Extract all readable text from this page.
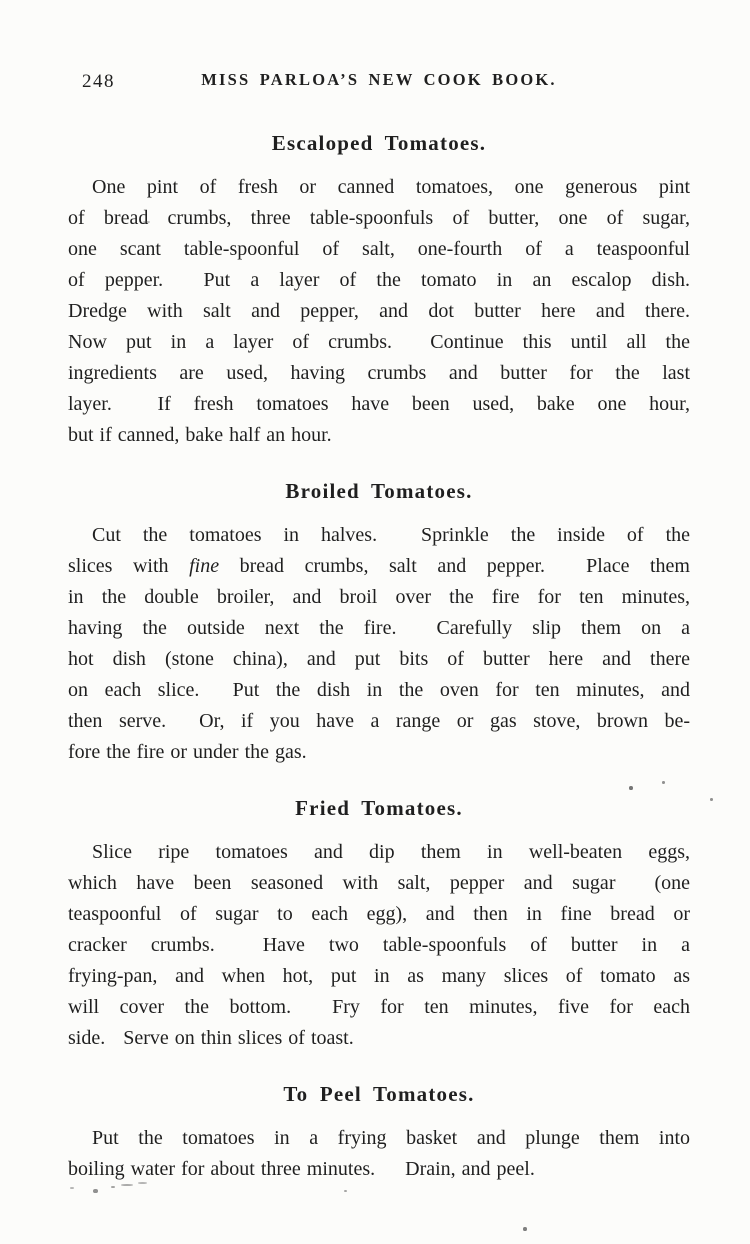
248	MISS PARLOA’S NEW COOK BOOK.
Escaloped Tomatoes.
One pint of fresh or canned tomatoes, one generous pint
of bread crumbs, three table-spoonfuls of butter, one of sugar,
one scant table-spoonful of salt, one-fourth of a teaspoonful
of pepper.  Put a layer of the tomato in an escalop dish.
Dredge with salt and pepper, and dot butter here and there.
Now put in a layer of crumbs.  Continue this until all the
ingredients are used, having crumbs and butter for the last
layer.  If fresh tomatoes have been used, bake one hour,
but if canned, bake half an hour.
Broiled Tomatoes.
Cut the tomatoes in halves.  Sprinkle the inside of the
slices with fine bread crumbs, salt and pepper.  Place them
in the double broiler, and broil over the fire for ten minutes,
having the outside next the fire.  Carefully slip them on a
hot dish (stone china), and put bits of butter here and there
on each slice.  Put the dish in the oven for ten minutes, and
then serve.  Or, if you have a range or gas stove, brown be-
fore the fire or under the gas.
Fried Tomatoes.
Slice ripe tomatoes and dip them in well-beaten eggs,
which have been seasoned with salt, pepper and sugar  (one
teaspoonful of sugar to each egg), and then in fine bread or
cracker crumbs.  Have two table-spoonfuls of butter in a
frying-pan, and when hot, put in as many slices of tomato as
will cover the bottom.  Fry for ten minutes, five for each
side.   Serve on thin slices of toast.
To Peel Tomatoes.
Put the tomatoes in a frying basket and plunge them into
boiling water for about three minutes.     Drain, and peel.
